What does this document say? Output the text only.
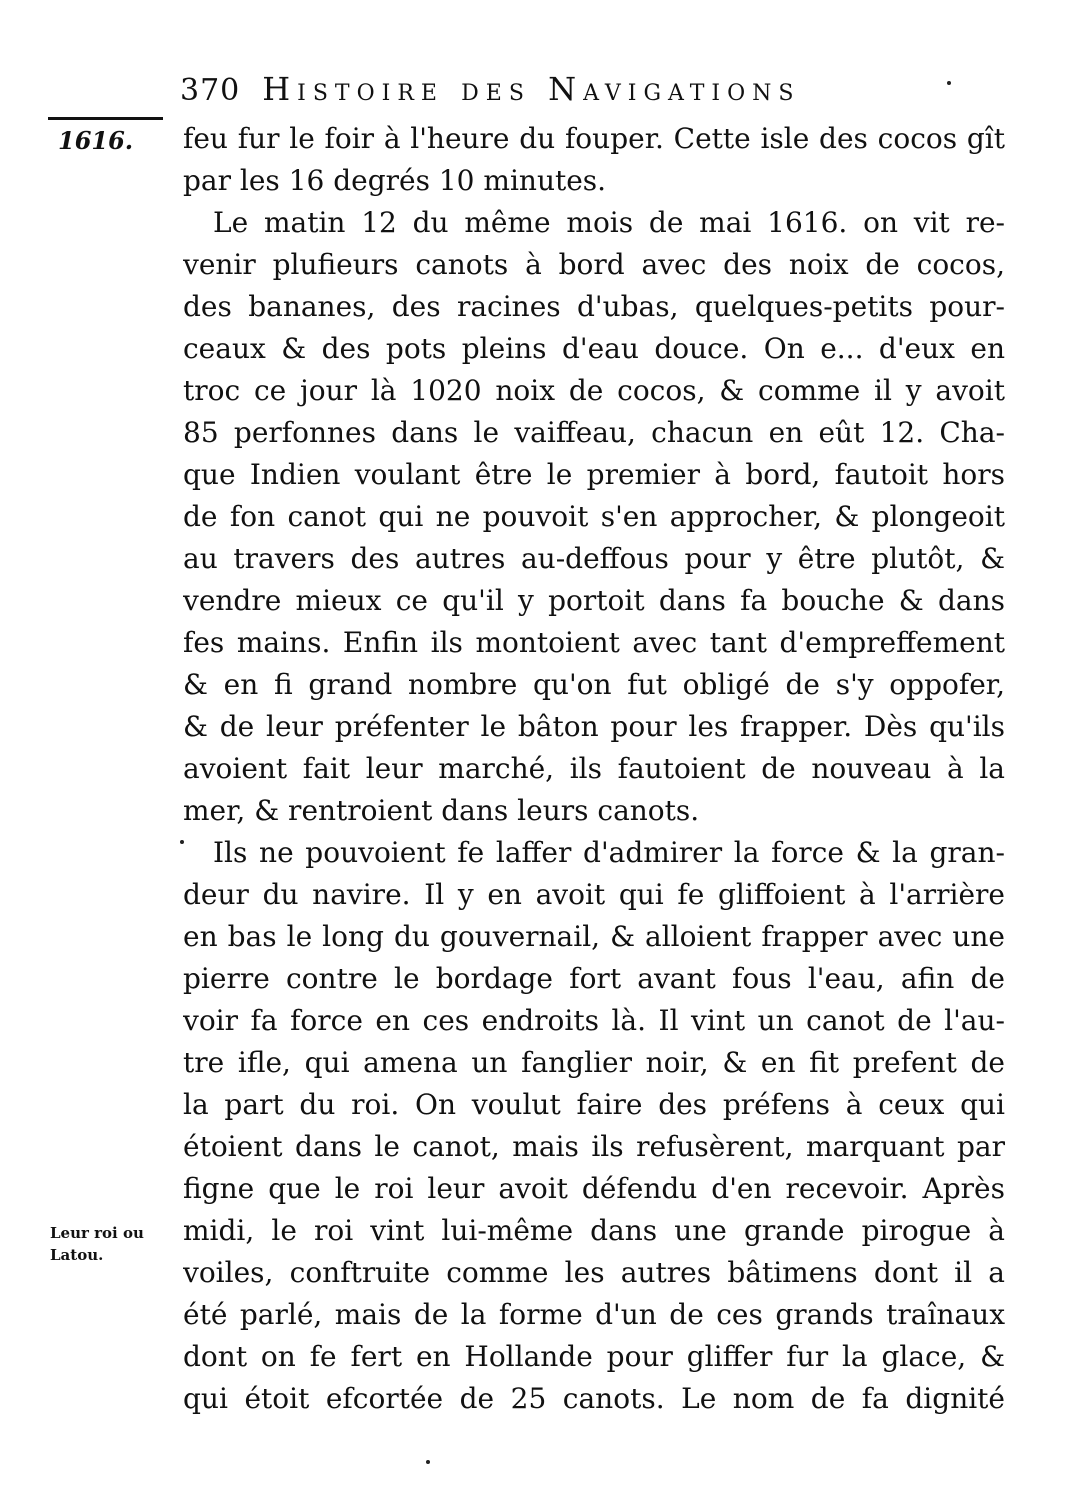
370 Histoire des Navigations
1616. feu fur le foir à l'heure du fouper. Cette isle des cocos gît
par les 16 degrés 10 minutes.
Le matin 12 du même mois de mai 1616. on vit re-
venir plufieurs canots à bord avec des noix de cocos,
des bananes, des racines d'ubas, quelques-petits pour-
ceaux & des pots pleins d'eau douce. On e... d'eux en
troc ce jour là 1020 noix de cocos, & comme il y avoit
85 perfonnes dans le vaiffeau, chacun en eût 12. Cha-
que Indien voulant être le premier à bord, fautoit hors
de fon canot qui ne pouvoit s'en approcher, & plongeoit
au travers des autres au-deffous pour y être plutôt, &
vendre mieux ce qu'il y portoit dans fa bouche & dans
fes mains. Enfin ils montoient avec tant d'empreffement
& en fi grand nombre qu'on fut obligé de s'y oppofer,
& de leur préfenter le bâton pour les frapper. Dès qu'ils
avoient fait leur marché, ils fautoient de nouveau à la
mer, & rentroient dans leurs canots.
Ils ne pouvoient fe laffer d'admirer la force & la gran-
deur du navire. Il y en avoit qui fe gliffoient à l'arrière
en bas le long du gouvernail, & alloient frapper avec une
pierre contre le bordage fort avant fous l'eau, afin de
voir fa force en ces endroits là. Il vint un canot de l'au-
tre ifle, qui amena un fanglier noir, & en fit prefent de
la part du roi. On voulut faire des préfens à ceux qui
étoient dans le canot, mais ils refusèrent, marquant par
figne que le roi leur avoit défendu d'en recevoir. Après
midi, le roi vint lui-même dans une grande pirogue à
voiles, conftruite comme les autres bâtimens dont il a
été parlé, mais de la forme d'un de ces grands traînaux
dont on fe fert en Hollande pour gliffer fur la glace, &
qui étoit efcortée de 25 canots. Le nom de fa dignité
Leur roi ou
Latou.
